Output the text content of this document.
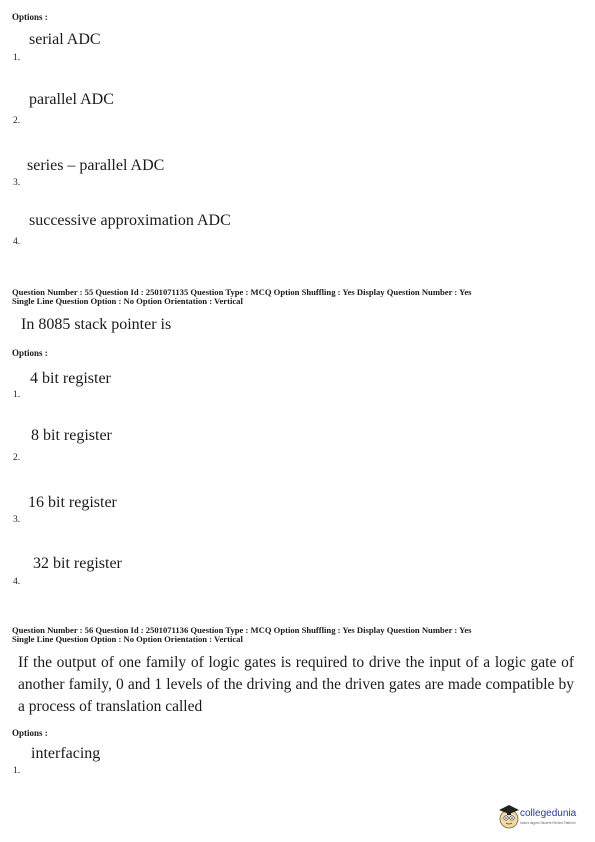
Options :
serial ADC
1.
parallel ADC
2.
series – parallel ADC
3.
successive approximation ADC
4.
Question Number : 55 Question Id : 2501071135 Question Type : MCQ Option Shuffling : Yes Display Question Number : Yes
Single Line Question Option : No Option Orientation : Vertical
In 8085 stack pointer is
Options :
4 bit register
1.
8 bit register
2.
16 bit register
3.
32 bit register
4.
Question Number : 56 Question Id : 2501071136 Question Type : MCQ Option Shuffling : Yes Display Question Number : Yes
Single Line Question Option : No Option Orientation : Vertical
If the output of one family of logic gates is required to drive the input of a logic gate of another family, 0 and 1 levels of the driving and the driven gates are made compatible by a process of translation called
Options :
interfacing
1.
collegedunia
India's largest Student Review Platform
